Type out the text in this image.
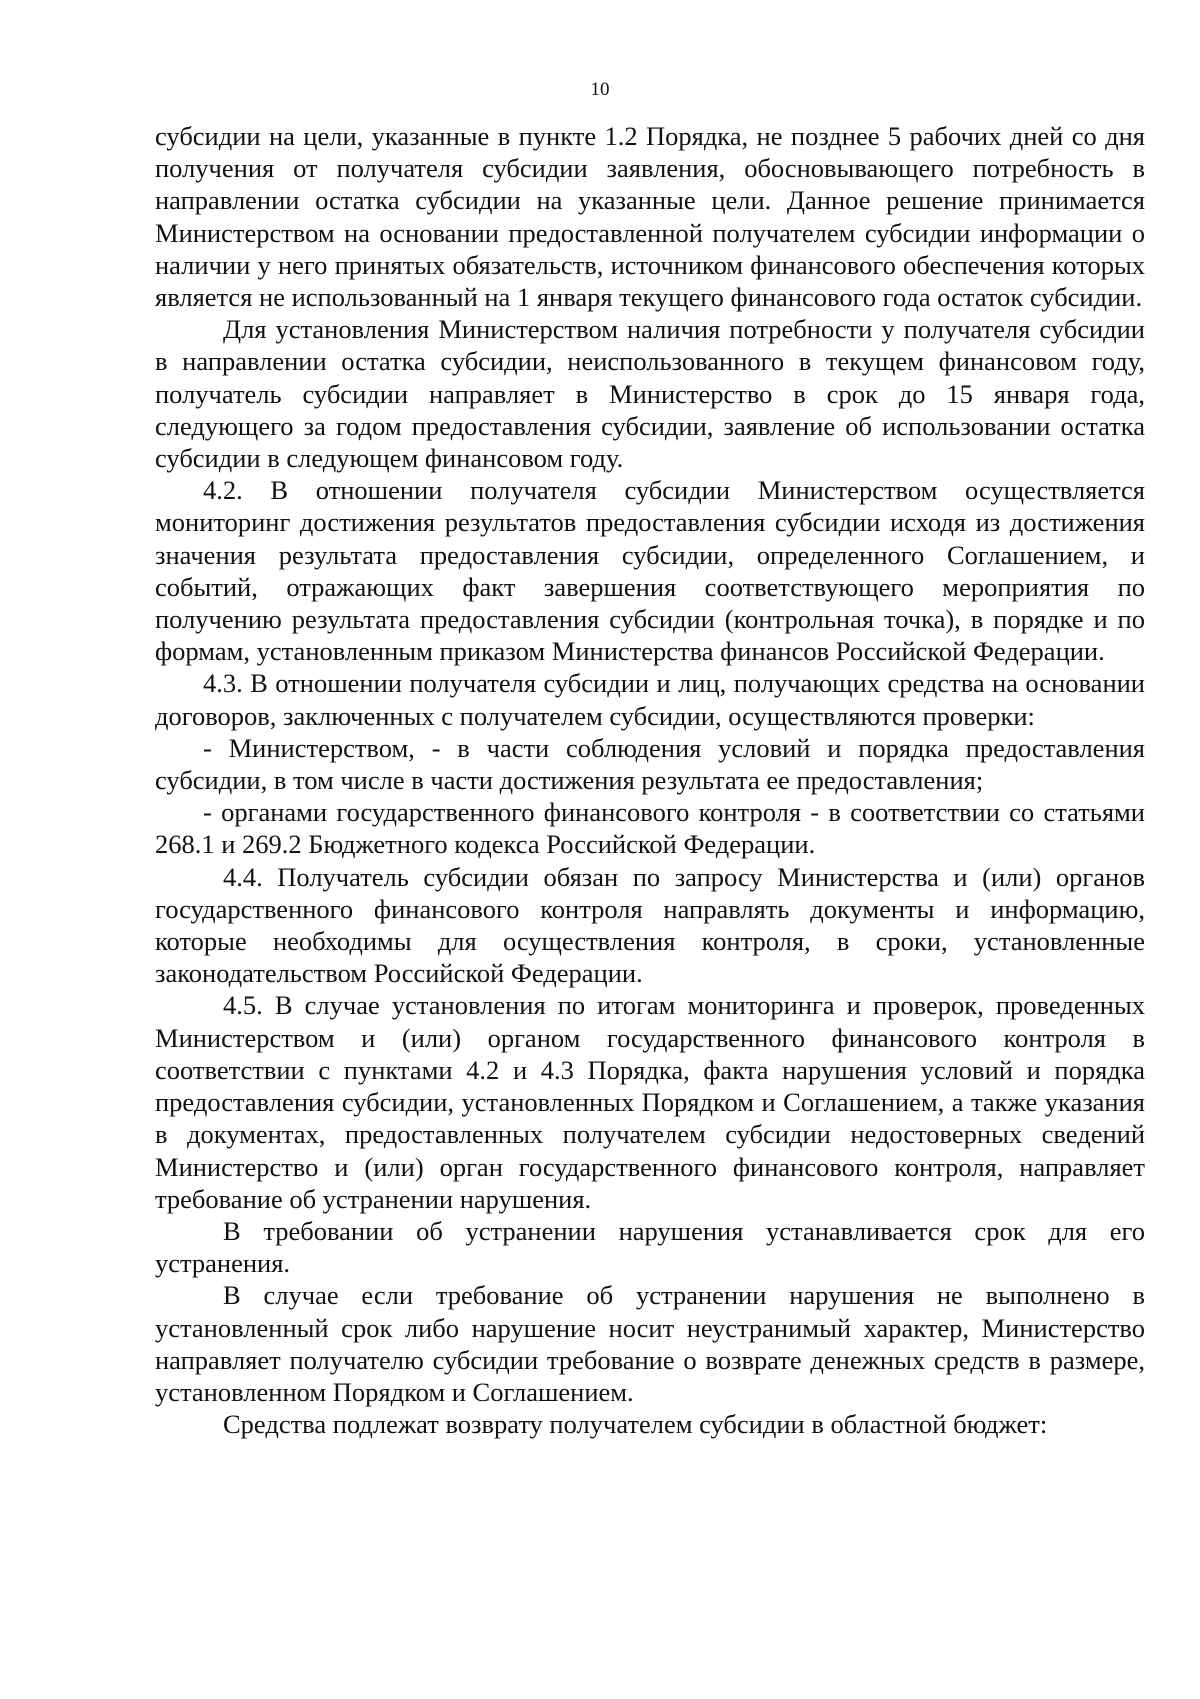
10

субсидии на цели, указанные в пункте 1.2 Порядка, не позднее 5 рабочих дней со дня получения от получателя субсидии заявления, обосновывающего потребность в направлении остатка субсидии на указанные цели. Данное решение принимается Министерством на основании предоставленной получателем субсидии информации о наличии у него принятых обязательств, источником финансового обеспечения которых является не использованный на 1 января текущего финансового года остаток субсидии.

Для установления Министерством наличия потребности у получателя субсидии в направлении остатка субсидии, неиспользованного в текущем финансовом году, получатель субсидии направляет в Министерство в срок до 15 января года, следующего за годом предоставления субсидии, заявление об использовании остатка субсидии в следующем финансовом году.

4.2. В отношении получателя субсидии Министерством осуществляется мониторинг достижения результатов предоставления субсидии исходя из достижения значения результата предоставления субсидии, определенного Соглашением, и событий, отражающих факт завершения соответствующего мероприятия по получению результата предоставления субсидии (контрольная точка), в порядке и по формам, установленным приказом Министерства финансов Российской Федерации.

4.3. В отношении получателя субсидии и лиц, получающих средства на основании договоров, заключенных с получателем субсидии, осуществляются проверки:

- Министерством, - в части соблюдения условий и порядка предоставления субсидии, в том числе в части достижения результата ее предоставления;

- органами государственного финансового контроля - в соответствии со статьями 268.1 и 269.2 Бюджетного кодекса Российской Федерации.

4.4. Получатель субсидии обязан по запросу Министерства и (или) органов государственного финансового контроля направлять документы и информацию, которые необходимы для осуществления контроля, в сроки, установленные законодательством Российской Федерации.

4.5. В случае установления по итогам мониторинга и проверок, проведенных Министерством и (или) органом государственного финансового контроля в соответствии с пунктами 4.2 и 4.3 Порядка, факта нарушения условий и порядка предоставления субсидии, установленных Порядком и Соглашением, а также указания в документах, предоставленных получателем субсидии недостоверных сведений Министерство и (или) орган государственного финансового контроля, направляет требование об устранении нарушения.

В требовании об устранении нарушения устанавливается срок для его устранения.

В случае если требование об устранении нарушения не выполнено в установленный срок либо нарушение носит неустранимый характер, Министерство направляет получателю субсидии требование о возврате денежных средств в размере, установленном Порядком и Соглашением.

Средства подлежат возврату получателем субсидии в областной бюджет:
